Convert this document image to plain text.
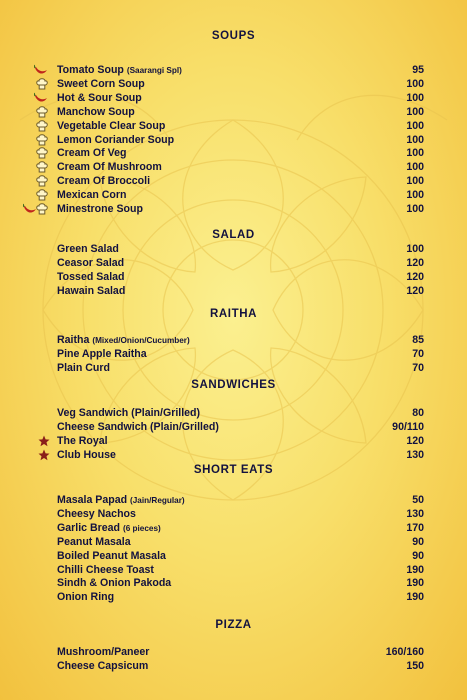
SOUPS
Tomato Soup (Saarangi Spl)	95
Sweet Corn Soup	100
Hot & Sour Soup	100
Manchow Soup	100
Vegetable Clear Soup	100
Lemon Coriander Soup	100
Cream Of Veg	100
Cream Of Mushroom	100
Cream Of Broccoli	100
Mexican Corn	100
Minestrone Soup	100
SALAD
Green Salad	100
Ceasor Salad	120
Tossed Salad	120
Hawain Salad	120
RAITHA
Raitha (Mixed/Onion/Cucumber)	85
Pine Apple Raitha	70
Plain Curd	70
SANDWICHES
Veg Sandwich (Plain/Grilled)	80
Cheese Sandwich (Plain/Grilled)	90/110
The Royal	120
Club House	130
SHORT EATS
Masala Papad (Jain/Regular)	50
Cheesy Nachos	130
Garlic Bread (6 pieces)	170
Peanut Masala	90
Boiled Peanut Masala	90
Chilli Cheese Toast	190
Sindh & Onion Pakoda	190
Onion Ring	190
PIZZA
Mushroom/Paneer	160/160
Cheese Capsicum	150
